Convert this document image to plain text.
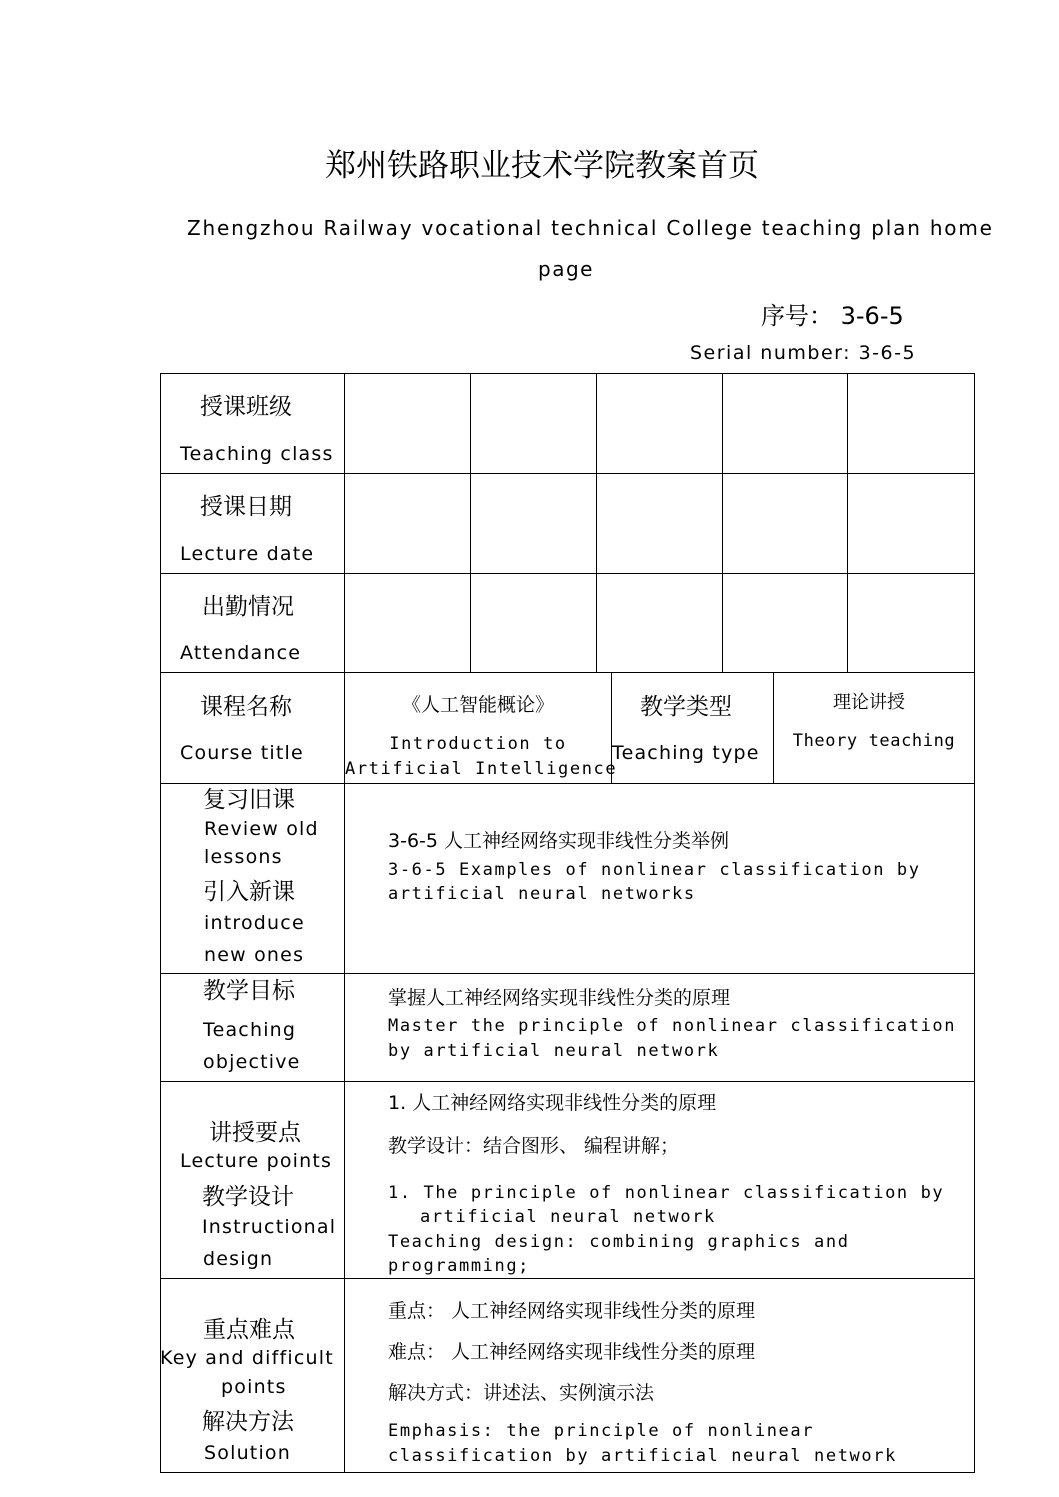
郑州铁路职业技术学院教案首页
Zhengzhou Railway vocational technical College teaching plan home
page
序号： 3-6-5
Serial number: 3-6-5
授课班级
Teaching class
授课日期
Lecture date
出勤情况
Attendance
课程名称
Course title
《人工智能概论》
Introduction to
Artificial Intelligence
教学类型
Teaching type
理论讲授
Theory teaching
复习旧课
Review old
lessons
引入新课
introduce
new ones
3-6-5 人工神经网络实现非线性分类举例
3-6-5 Examples of nonlinear classification by
artificial neural networks
教学目标
Teaching
objective
掌握人工神经网络实现非线性分类的原理
Master the principle of nonlinear classification
by artificial neural network
讲授要点
Lecture points
教学设计
Instructional
design
1. 人工神经网络实现非线性分类的原理
教学设计：结合图形、 编程讲解；
1. The principle of nonlinear classification by
artificial neural network
Teaching design: combining graphics and
programming;
重点难点
Key and difficult
points
解决方法
Solution
重点： 人工神经网络实现非线性分类的原理
难点： 人工神经网络实现非线性分类的原理
解决方式：讲述法、实例演示法
Emphasis: the principle of nonlinear
classification by artificial neural network
